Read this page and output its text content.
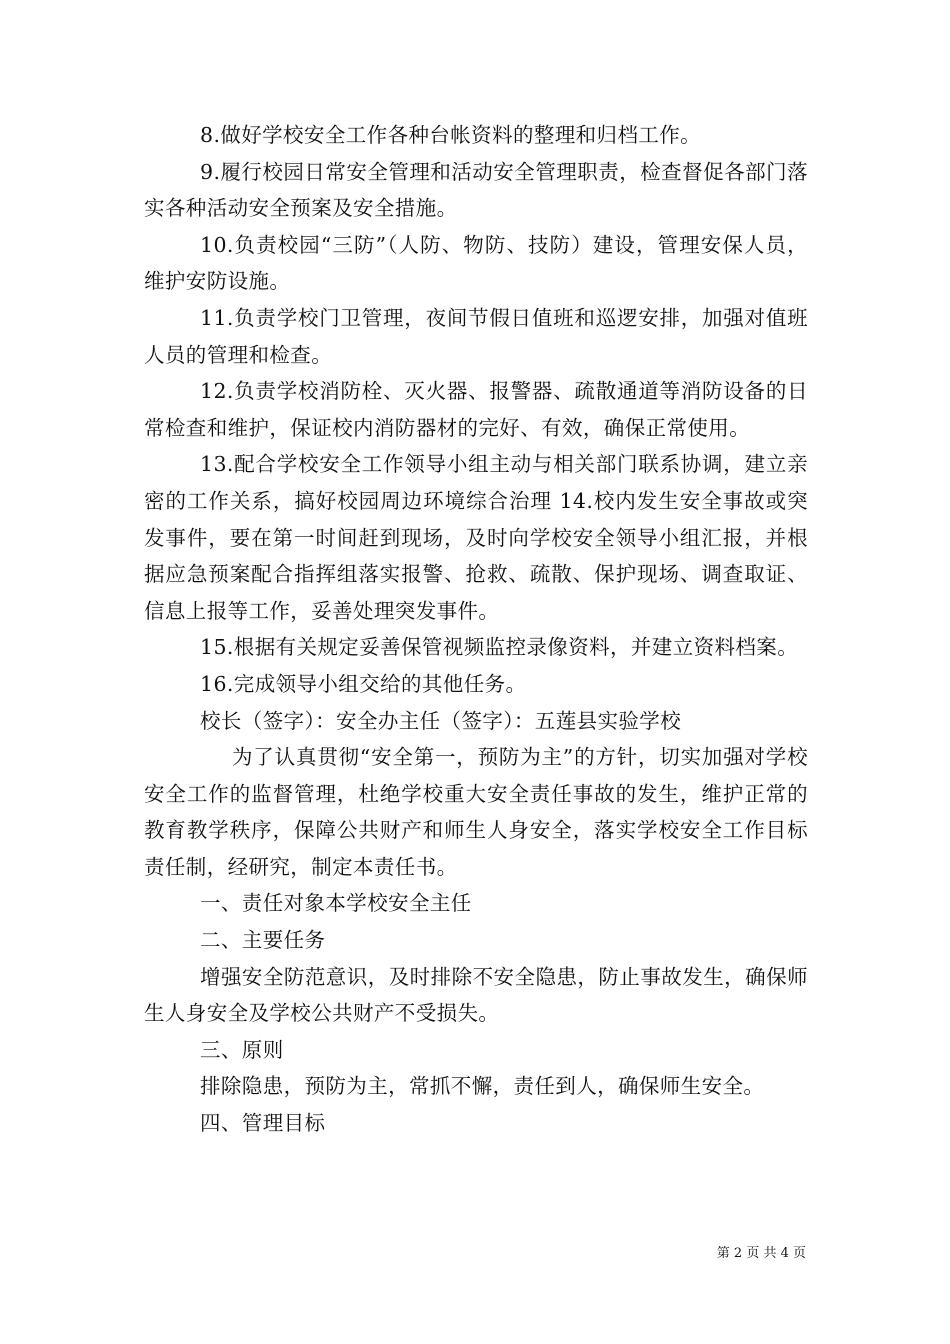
8.做好学校安全工作各种台帐资料的整理和归档工作。

9.履行校园日常安全管理和活动安全管理职责，检查督促各部门落实各种活动安全预案及安全措施。

10.负责校园“三防”（人防、物防、技防）建设，管理安保人员，维护安防设施。

11.负责学校门卫管理，夜间节假日值班和巡逻安排，加强对值班人员的管理和检查。

12.负责学校消防栓、灭火器、报警器、疏散通道等消防设备的日常检查和维护，保证校内消防器材的完好、有效，确保正常使用。

13.配合学校安全工作领导小组主动与相关部门联系协调，建立亲密的工作关系，搞好校园周边环境综合治理 14.校内发生安全事故或突发事件，要在第一时间赶到现场，及时向学校安全领导小组汇报，并根据应急预案配合指挥组落实报警、抢救、疏散、保护现场、调查取证、信息上报等工作，妥善处理突发事件。

15.根据有关规定妥善保管视频监控录像资料，并建立资料档案。

16.完成领导小组交给的其他任务。

校长（签字）：安全办主任（签字）：五莲县实验学校

为了认真贯彻“安全第一，预防为主”的方针，切实加强对学校安全工作的监督管理，杜绝学校重大安全责任事故的发生，维护正常的教育教学秩序，保障公共财产和师生人身安全，落实学校安全工作目标责任制，经研究，制定本责任书。

一、责任对象本学校安全主任

二、主要任务

增强安全防范意识，及时排除不安全隐患，防止事故发生，确保师生人身安全及学校公共财产不受损失。

三、原则

排除隐患，预防为主，常抓不懈，责任到人，确保师生安全。

四、管理目标

第 2 页 共 4 页
